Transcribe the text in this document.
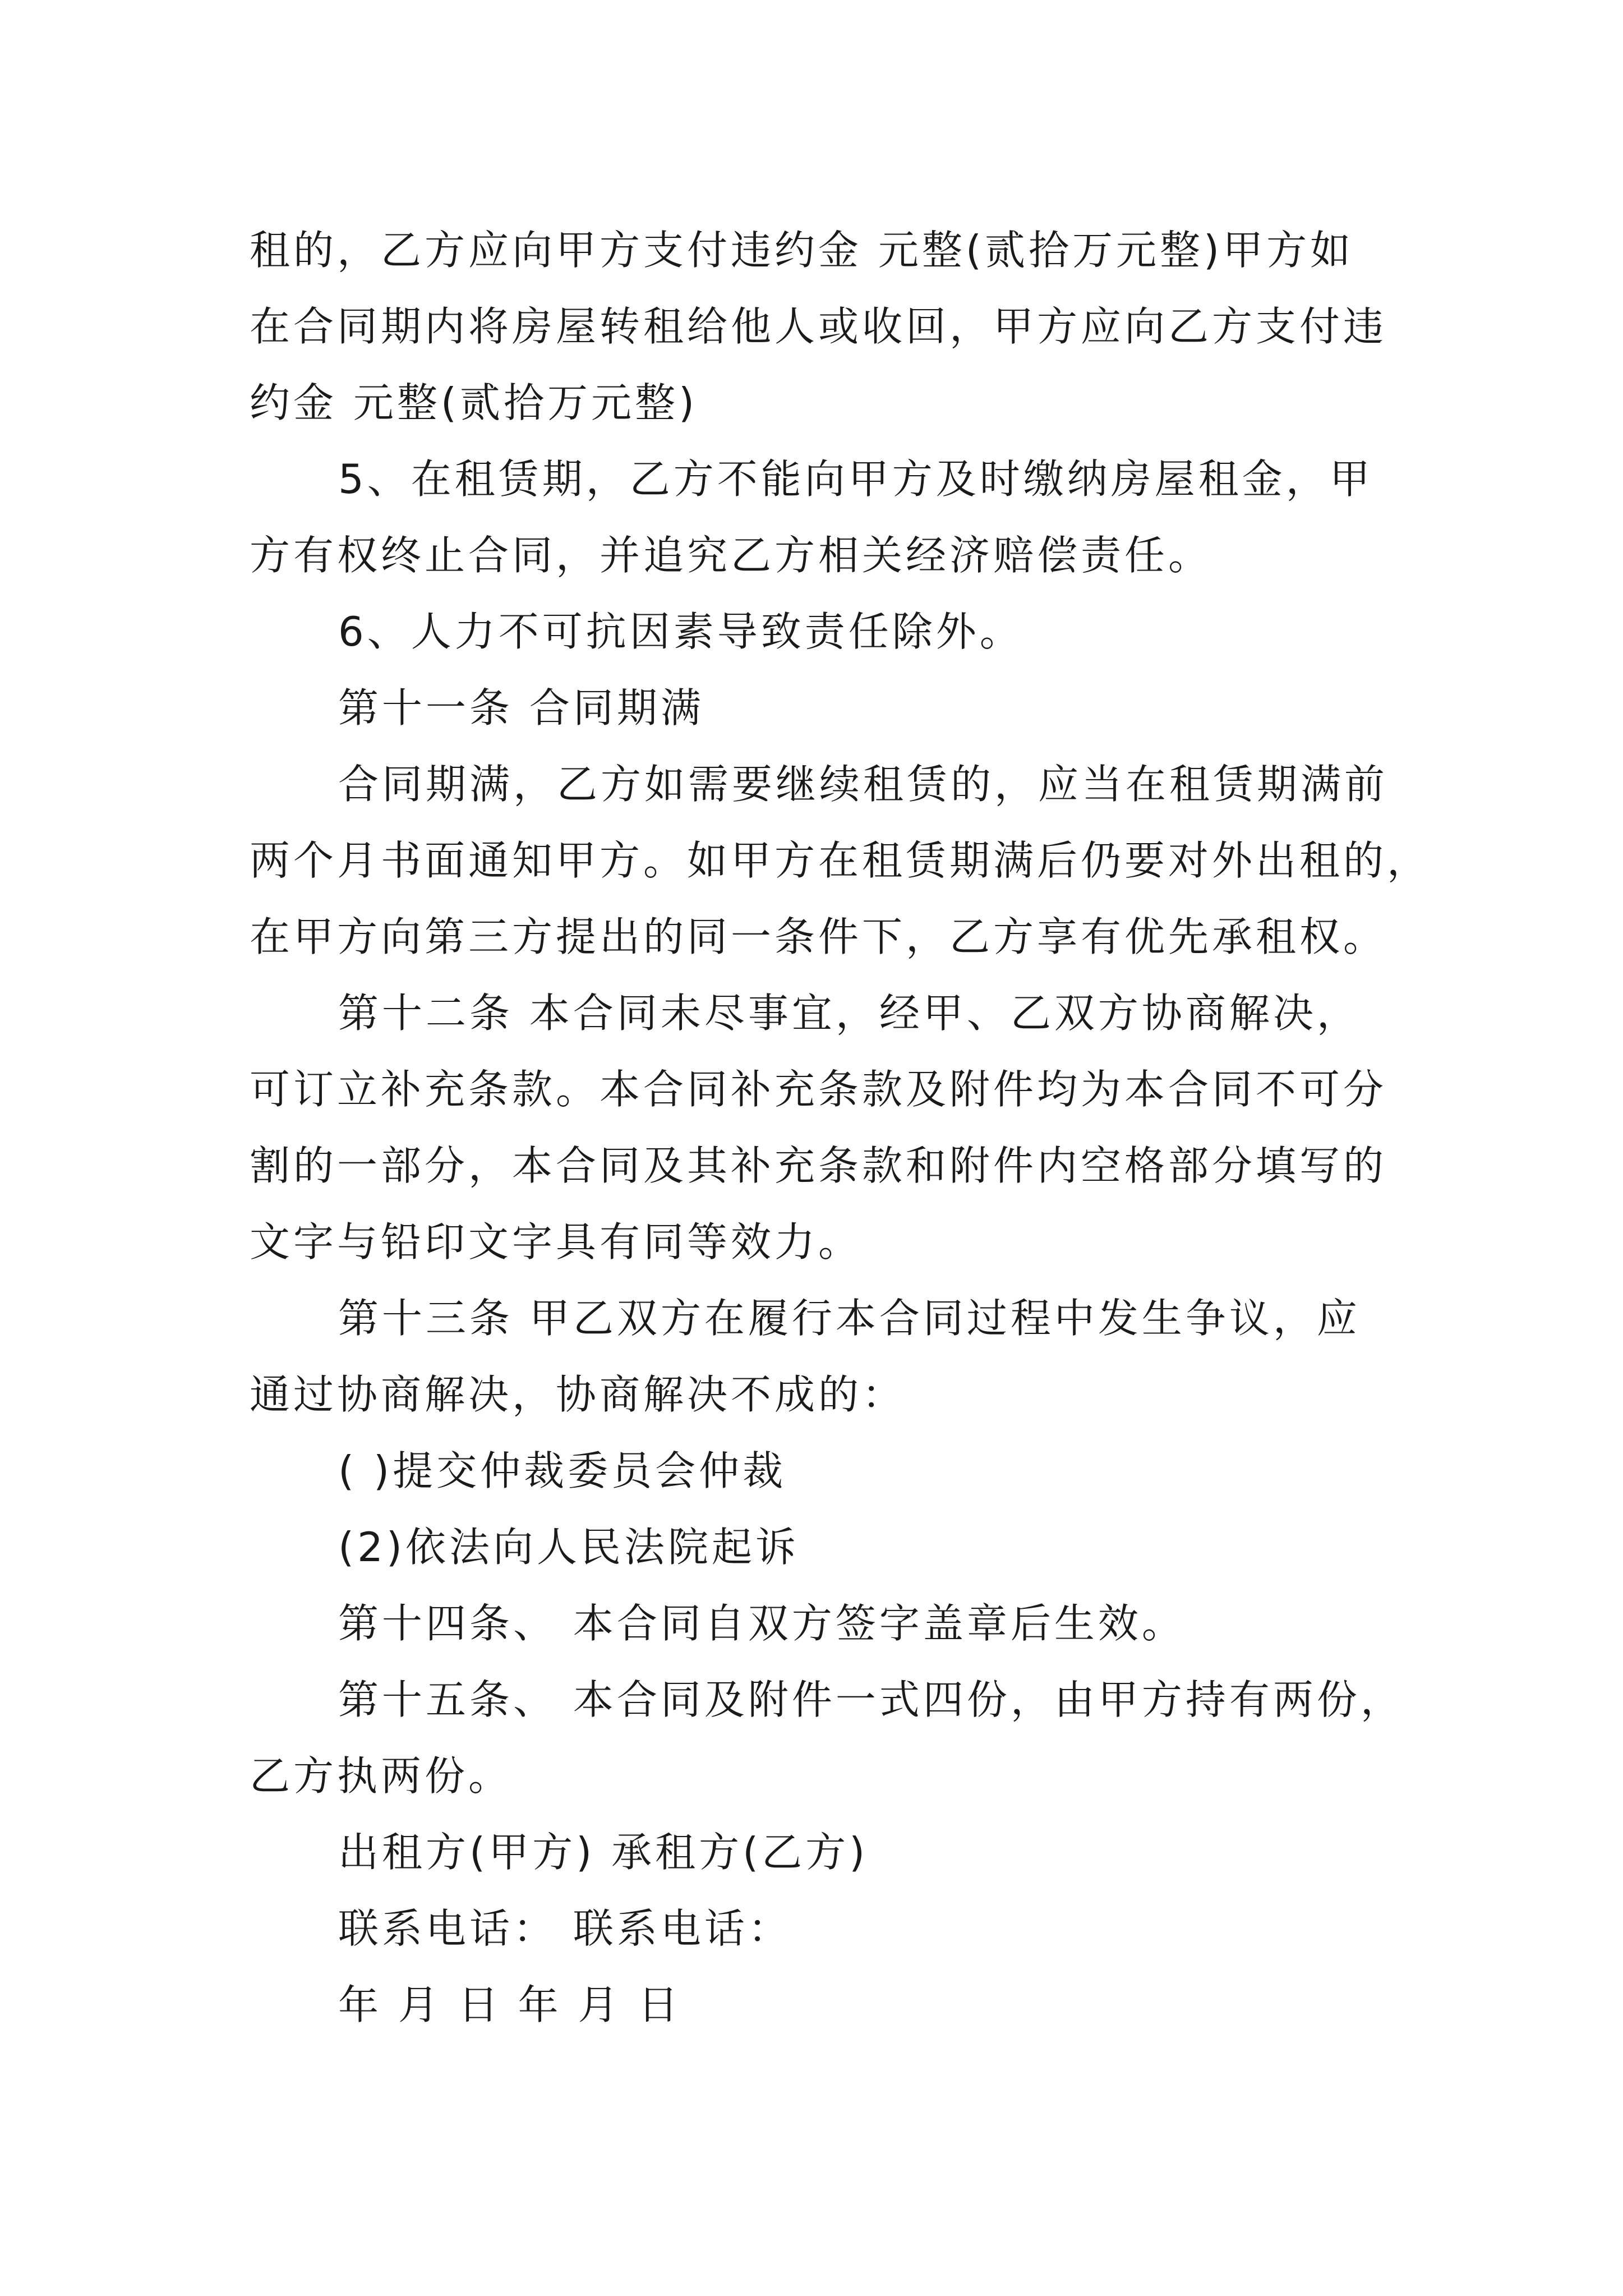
租的，乙方应向甲方支付违约金 元整(贰拾万元整)甲方如
在合同期内将房屋转租给他人或收回，甲方应向乙方支付违
约金 元整(贰拾万元整)
5、在租赁期，乙方不能向甲方及时缴纳房屋租金，甲
方有权终止合同，并追究乙方相关经济赔偿责任。
6、人力不可抗因素导致责任除外。
第十一条 合同期满
合同期满，乙方如需要继续租赁的，应当在租赁期满前
两个月书面通知甲方。如甲方在租赁期满后仍要对外出租的，
在甲方向第三方提出的同一条件下，乙方享有优先承租权。
第十二条 本合同未尽事宜，经甲、乙双方协商解决，
可订立补充条款。本合同补充条款及附件均为本合同不可分
割的一部分，本合同及其补充条款和附件内空格部分填写的
文字与铅印文字具有同等效力。
第十三条 甲乙双方在履行本合同过程中发生争议，应
通过协商解决，协商解决不成的：
( )提交仲裁委员会仲裁
(2)依法向人民法院起诉
第十四条、 本合同自双方签字盖章后生效。
第十五条、 本合同及附件一式四份，由甲方持有两份，
乙方执两份。
出租方(甲方) 承租方(乙方)
联系电话： 联系电话：
年 月 日 年 月 日
